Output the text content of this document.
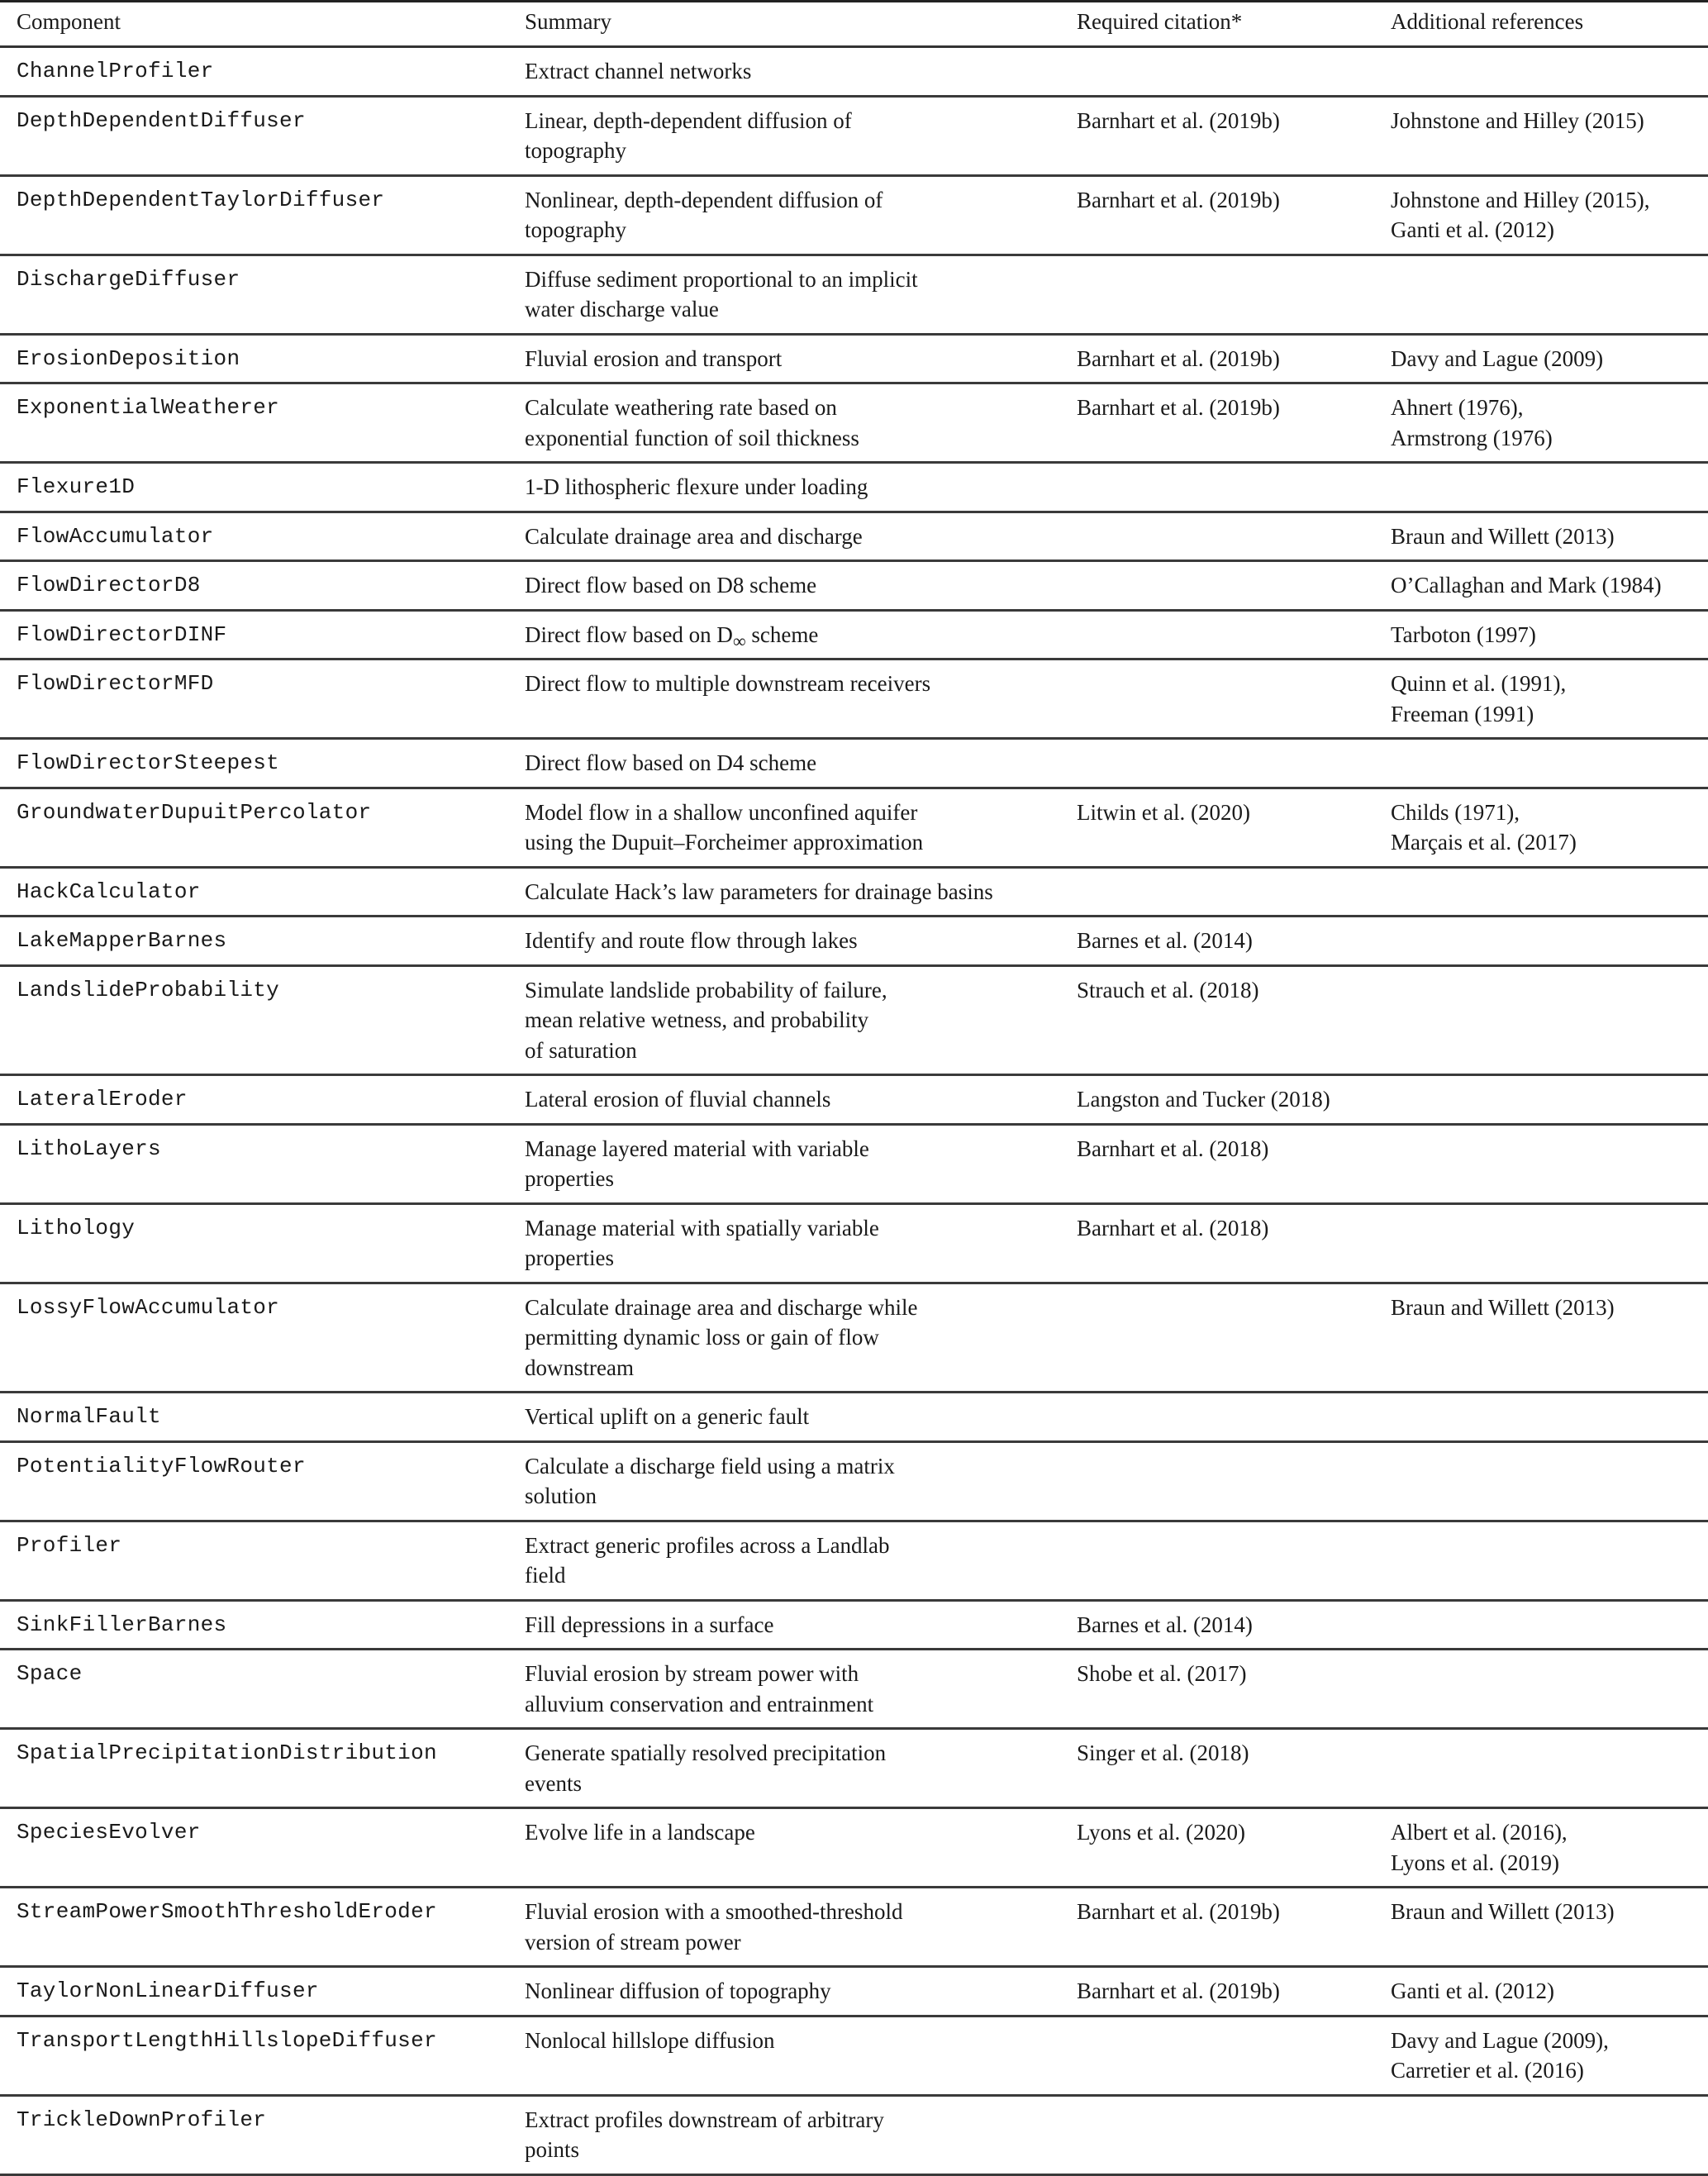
Component	Summary	Required citation*	Additional references
ChannelProfiler	Extract channel networks		

DepthDependentDiffuser	Linear, depth-dependent diffusion of
topography	Barnhart et al. (2019b)	Johnstone and Hilley (2015)

DepthDependentTaylorDiffuser	Nonlinear, depth-dependent diffusion of
topography	Barnhart et al. (2019b)	Johnstone and Hilley (2015),
Ganti et al. (2012)

DischargeDiffuser	Diffuse sediment proportional to an implicit
water discharge value		

ErosionDeposition	Fluvial erosion and transport	Barnhart et al. (2019b)	Davy and Lague (2009)

ExponentialWeatherer	Calculate weathering rate based on
exponential function of soil thickness	Barnhart et al. (2019b)	Ahnert (1976),
Armstrong (1976)

Flexure1D	1-D lithospheric flexure under loading		

FlowAccumulator	Calculate drainage area and discharge		Braun and Willett (2013)

FlowDirectorD8	Direct flow based on D8 scheme		O’Callaghan and Mark (1984)

FlowDirectorDINF	Direct flow based on $D_\infty$ scheme		Tarboton (1997)

FlowDirectorMFD	Direct flow to multiple downstream receivers		Quinn et al. (1991),
Freeman (1991)

FlowDirectorSteepest	Direct flow based on D4 scheme		

GroundwaterDupuitPercolator	Model flow in a shallow unconfined aquifer
using the Dupuit–Forcheimer approximation	Litwin et al. (2020)	Childs (1971),
Marçais et al. (2017)

HackCalculator	Calculate Hack’s law parameters for drainage basins		

LakeMapperBarnes	Identify and route flow through lakes	Barnes et al. (2014)	

LandslideProbability	Simulate landslide probability of failure,
mean relative wetness, and probability
of saturation	Strauch et al. (2018)	

LateralEroder	Lateral erosion of fluvial channels	Langston and Tucker (2018)	

LithoLayers	Manage layered material with variable
properties	Barnhart et al. (2018)	

Lithology	Manage material with spatially variable
properties	Barnhart et al. (2018)	

LossyFlowAccumulator	Calculate drainage area and discharge while
permitting dynamic loss or gain of flow
downstream		Braun and Willett (2013)

NormalFault	Vertical uplift on a generic fault		

PotentialityFlowRouter	Calculate a discharge field using a matrix
solution		

Profiler	Extract generic profiles across a Landlab
field		

SinkFillerBarnes	Fill depressions in a surface	Barnes et al. (2014)	

Space	Fluvial erosion by stream power with
alluvium conservation and entrainment	Shobe et al. (2017)	

SpatialPrecipitationDistribution	Generate spatially resolved precipitation
events	Singer et al. (2018)	

SpeciesEvolver	Evolve life in a landscape	Lyons et al. (2020)	Albert et al. (2016),
Lyons et al. (2019)

StreamPowerSmoothThresholdEroder	Fluvial erosion with a smoothed-threshold
version of stream power	Barnhart et al. (2019b)	Braun and Willett (2013)

TaylorNonLinearDiffuser	Nonlinear diffusion of topography	Barnhart et al. (2019b)	Ganti et al. (2012)

TransportLengthHillslopeDiffuser	Nonlocal hillslope diffusion		Davy and Lague (2009),
Carretier et al. (2016)

TrickleDownProfiler	Extract profiles downstream of arbitrary
points		
